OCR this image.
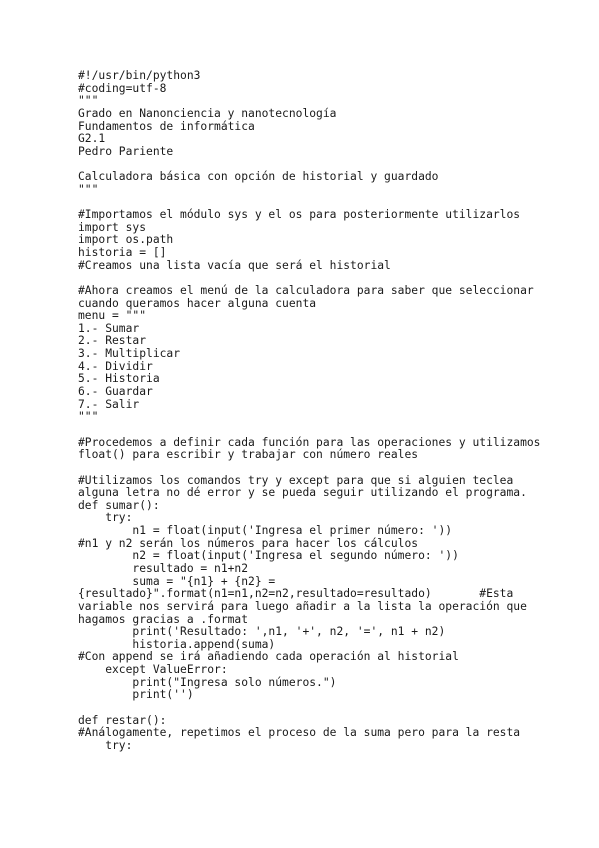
#!/usr/bin/python3
#coding=utf-8
"""
Grado en Nanonciencia y nanotecnología
Fundamentos de informática
G2.1
Pedro Pariente
Calculadora básica con opción de historial y guardado
"""
#Importamos el módulo sys y el os para posteriormente utilizarlos
import sys
import os.path
historia = []
#Creamos una lista vacía que será el historial
#Ahora creamos el menú de la calculadora para saber que seleccionar
cuando queramos hacer alguna cuenta
menu = """
1.- Sumar
2.- Restar
3.- Multiplicar
4.- Dividir
5.- Historia
6.- Guardar
7.- Salir
"""
#Procedemos a definir cada función para las operaciones y utilizamos
float() para escribir y trabajar con número reales
#Utilizamos los comandos try y except para que si alguien teclea
alguna letra no dé error y se pueda seguir utilizando el programa.
def sumar():
try:
n1 = float(input('Ingresa el primer número: '))
#n1 y n2 serán los números para hacer los cálculos
n2 = float(input('Ingresa el segundo número: '))
resultado = n1+n2
suma = "{n1} + {n2} =
{resultado}".format(n1=n1,n2=n2,resultado=resultado)       #Esta
variable nos servirá para luego añadir a la lista la operación que
hagamos gracias a .format
print('Resultado: ',n1, '+', n2, '=', n1 + n2)
historia.append(suma)
#Con append se irá añadiendo cada operación al historial
except ValueError:
print("Ingresa solo números.")
print('')
def restar():
#Análogamente, repetimos el proceso de la suma pero para la resta
try:
